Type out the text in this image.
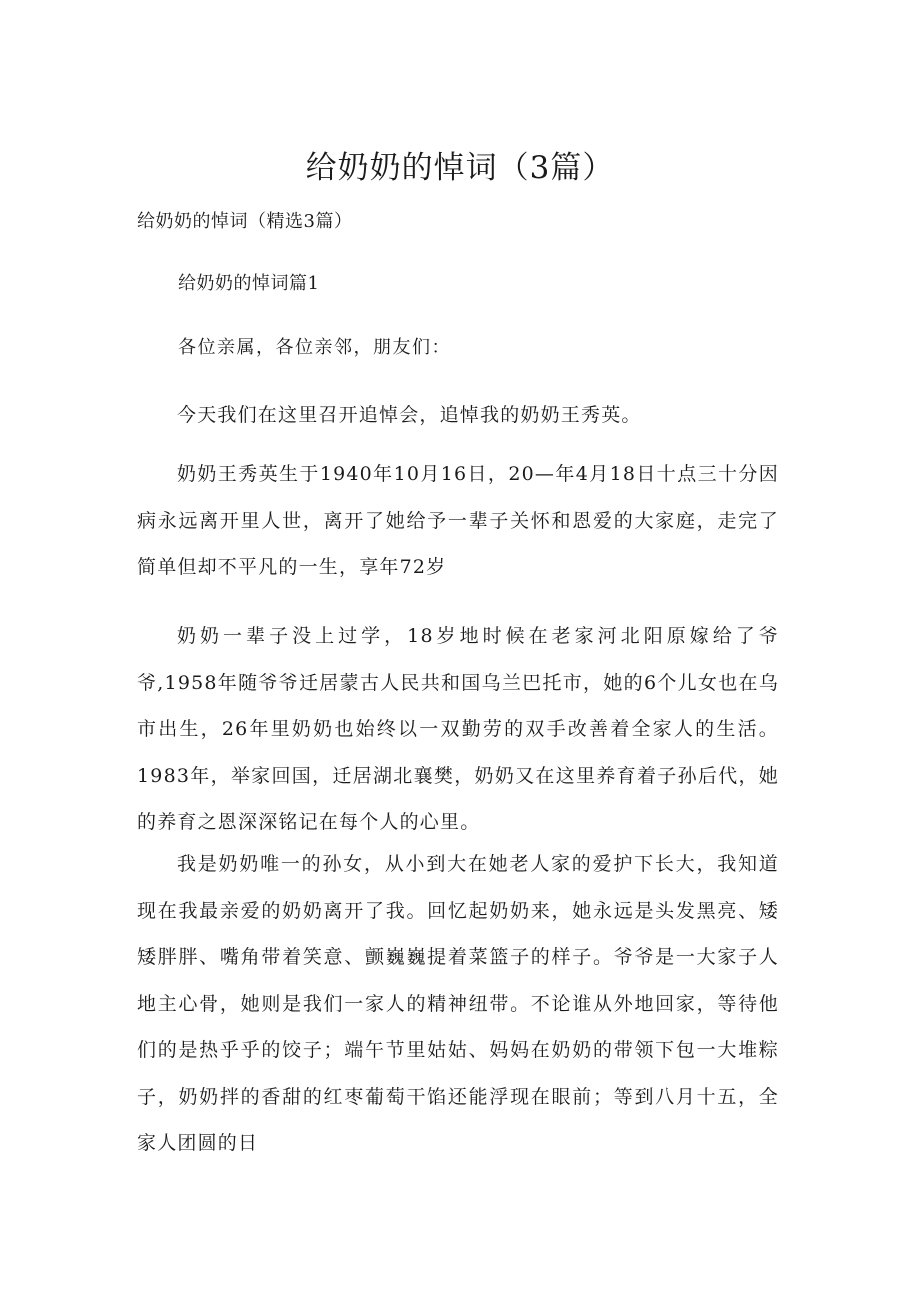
给奶奶的悼词（3篇）

给奶奶的悼词（精选3篇）

给奶奶的悼词篇1

各位亲属，各位亲邻，朋友们：

今天我们在这里召开追悼会，追悼我的奶奶王秀英。

奶奶王秀英生于1940年10月16日，20—年4月18日十点三十分因病永远离开里人世，离开了她给予一辈子关怀和恩爱的大家庭，走完了简单但却不平凡的一生，享年72岁

奶奶一辈子没上过学，18岁地时候在老家河北阳原嫁给了爷爷,1958年随爷爷迁居蒙古人民共和国乌兰巴托市，她的6个儿女也在乌市出生，26年里奶奶也始终以一双勤劳的双手改善着全家人的生活。1983年，举家回国，迁居湖北襄樊，奶奶又在这里养育着子孙后代，她的养育之恩深深铭记在每个人的心里。

我是奶奶唯一的孙女，从小到大在她老人家的爱护下长大，我知道现在我最亲爱的奶奶离开了我。回忆起奶奶来，她永远是头发黑亮、矮矮胖胖、嘴角带着笑意、颤巍巍提着菜篮子的样子。爷爷是一大家子人地主心骨，她则是我们一家人的精神纽带。不论谁从外地回家，等待他们的是热乎乎的饺子；端午节里姑姑、妈妈在奶奶的带领下包一大堆粽子，奶奶拌的香甜的红枣葡萄干馅还能浮现在眼前；等到八月十五，全家人团圆的日
